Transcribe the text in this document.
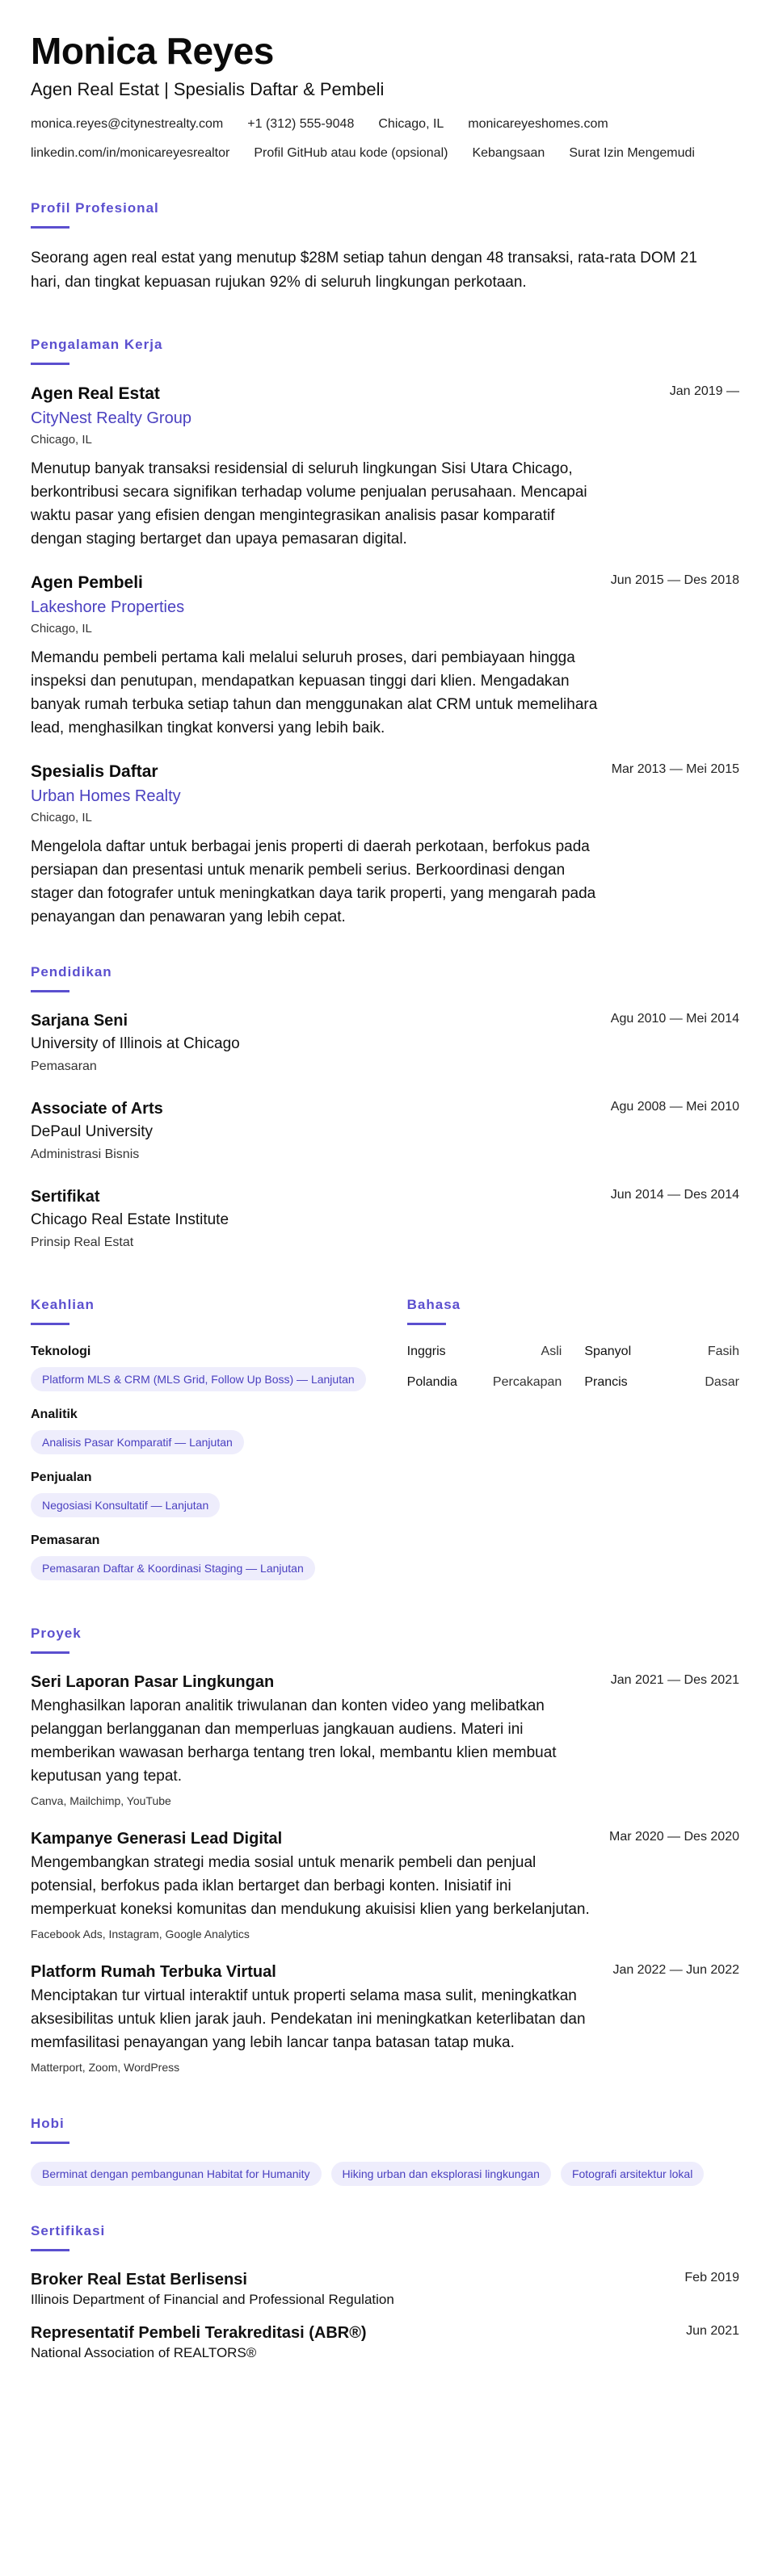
Monica Reyes
Agen Real Estat | Spesialis Daftar & Pembeli
monica.reyes@citynestrealty.com +1 (312) 555-9048 Chicago, IL monicareyeshomes.com
linkedin.com/in/monicareyesrealtor Profil GitHub atau kode (opsional) Kebangsaan Surat Izin Mengemudi
Profil Profesional
Seorang agen real estat yang menutup $28M setiap tahun dengan 48 transaksi, rata-rata DOM 21 hari, dan tingkat kepuasan rujukan 92% di seluruh lingkungan perkotaan.
Pengalaman Kerja
Jan 2019 —
Agen Real Estat
CityNest Realty Group
Chicago, IL
Menutup banyak transaksi residensial di seluruh lingkungan Sisi Utara Chicago, berkontribusi secara signifikan terhadap volume penjualan perusahaan. Mencapai waktu pasar yang efisien dengan mengintegrasikan analisis pasar komparatif dengan staging bertarget dan upaya pemasaran digital.
Jun 2015 — Des 2018
Agen Pembeli
Lakeshore Properties
Chicago, IL
Memandu pembeli pertama kali melalui seluruh proses, dari pembiayaan hingga inspeksi dan penutupan, mendapatkan kepuasan tinggi dari klien. Mengadakan banyak rumah terbuka setiap tahun dan menggunakan alat CRM untuk memelihara lead, menghasilkan tingkat konversi yang lebih baik.
Mar 2013 — Mei 2015
Spesialis Daftar
Urban Homes Realty
Chicago, IL
Mengelola daftar untuk berbagai jenis properti di daerah perkotaan, berfokus pada persiapan dan presentasi untuk menarik pembeli serius. Berkoordinasi dengan stager dan fotografer untuk meningkatkan daya tarik properti, yang mengarah pada penayangan dan penawaran yang lebih cepat.
Pendidikan
Agu 2010 — Mei 2014
Sarjana Seni
University of Illinois at Chicago
Pemasaran
Agu 2008 — Mei 2010
Associate of Arts
DePaul University
Administrasi Bisnis
Jun 2014 — Des 2014
Sertifikat
Chicago Real Estate Institute
Prinsip Real Estat
Keahlian
Teknologi
Platform MLS & CRM (MLS Grid, Follow Up Boss) — Lanjutan
Analitik
Analisis Pasar Komparatif — Lanjutan
Penjualan
Negosiasi Konsultatif — Lanjutan
Pemasaran
Pemasaran Daftar & Koordinasi Staging — Lanjutan
Bahasa
Inggris	Asli Spanyol	Fasih
Polandia	Percakapan Prancis	Dasar
Proyek
Jan 2021 — Des 2021
Seri Laporan Pasar Lingkungan
Menghasilkan laporan analitik triwulanan dan konten video yang melibatkan pelanggan berlangganan dan memperluas jangkauan audiens. Materi ini memberikan wawasan berharga tentang tren lokal, membantu klien membuat keputusan yang tepat.
Canva, Mailchimp, YouTube
Mar 2020 — Des 2020
Kampanye Generasi Lead Digital
Mengembangkan strategi media sosial untuk menarik pembeli dan penjual potensial, berfokus pada iklan bertarget dan berbagi konten. Inisiatif ini memperkuat koneksi komunitas dan mendukung akuisisi klien yang berkelanjutan.
Facebook Ads, Instagram, Google Analytics
Jan 2022 — Jun 2022
Platform Rumah Terbuka Virtual
Menciptakan tur virtual interaktif untuk properti selama masa sulit, meningkatkan aksesibilitas untuk klien jarak jauh. Pendekatan ini meningkatkan keterlibatan dan memfasilitasi penayangan yang lebih lancar tanpa batasan tatap muka.
Matterport, Zoom, WordPress
Hobi
Berminat dengan pembangunan Habitat for Humanity	Hiking urban dan eksplorasi lingkungan	Fotografi arsitektur lokal
Sertifikasi
Feb 2019
Broker Real Estat Berlisensi
Illinois Department of Financial and Professional Regulation
Jun 2021
Representatif Pembeli Terakreditasi (ABR®)
National Association of REALTORS®
